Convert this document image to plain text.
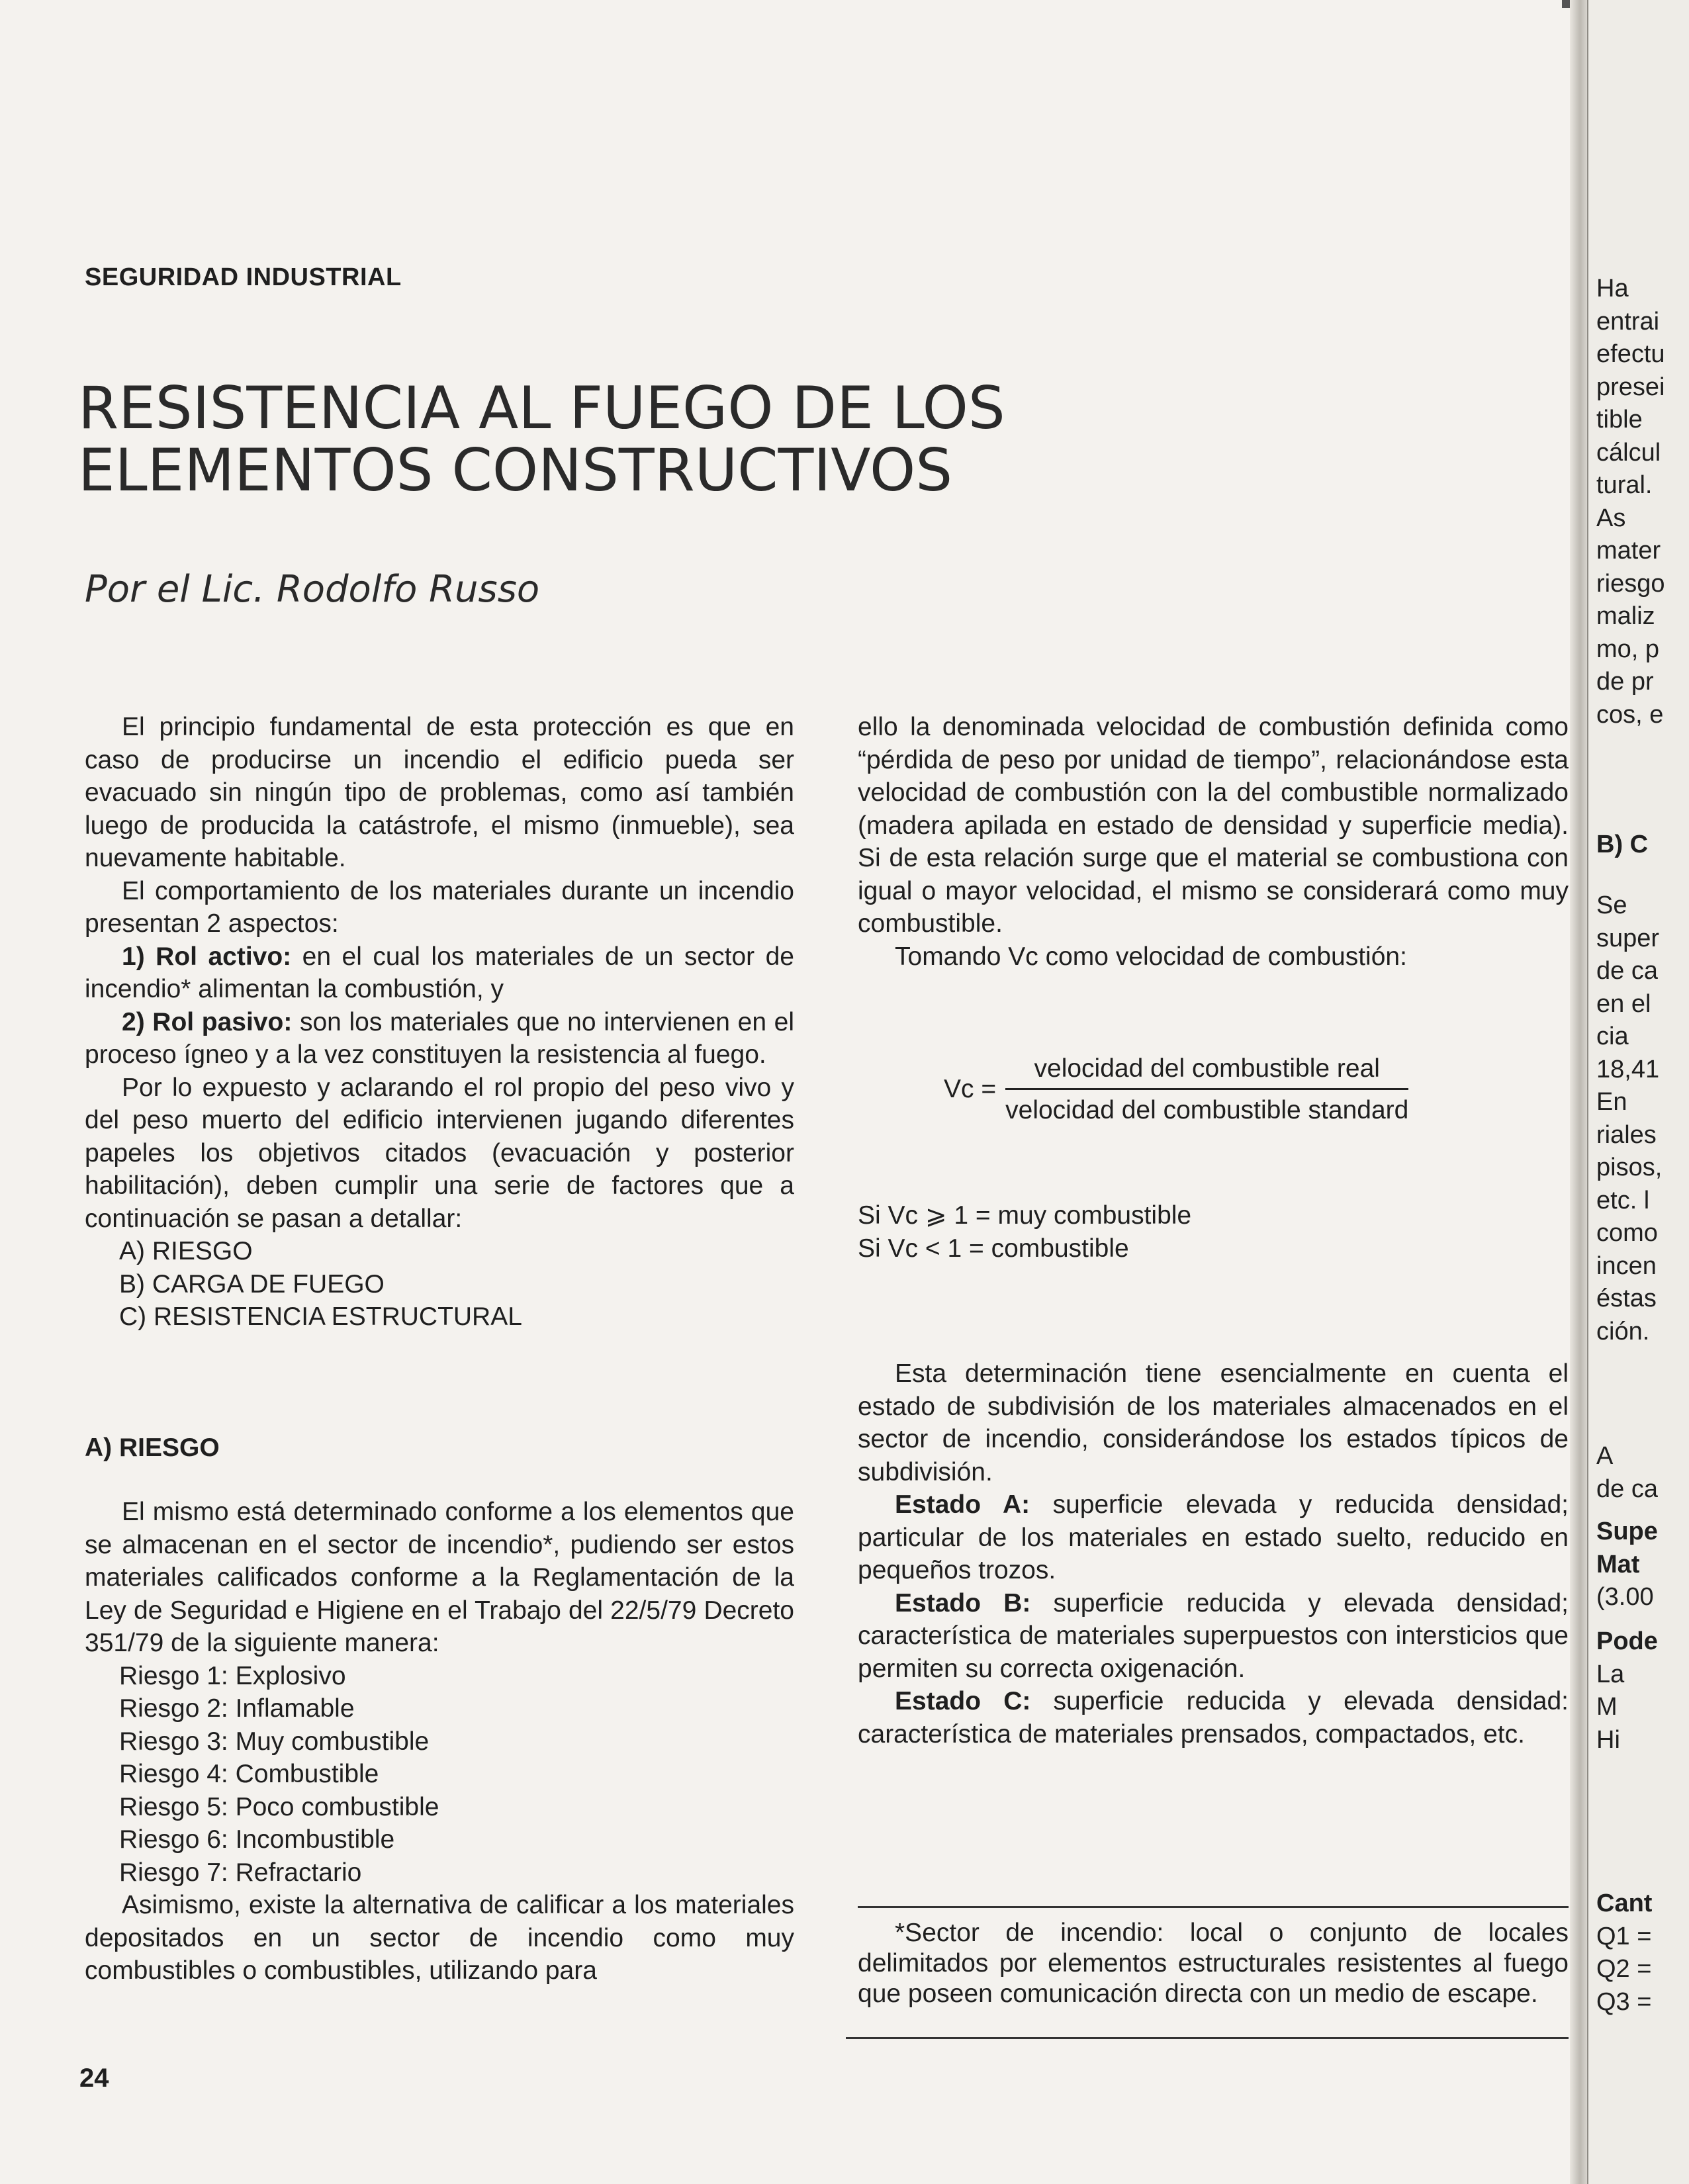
SEGURIDAD INDUSTRIAL
RESISTENCIA AL FUEGO DE LOS
ELEMENTOS CONSTRUCTIVOS
Por el Lic. Rodolfo Russo

El principio fundamental de esta protección es que en caso de producirse un incendio el edificio pueda ser evacuado sin ningún tipo de problemas, como así también luego de producida la catástrofe, el mismo (inmueble), sea nuevamente habitable.

El comportamiento de los materiales durante un incendio presentan 2 aspectos:

1) Rol activo: en el cual los materiales de un sector de incendio* alimentan la combustión, y

2) Rol pasivo: son los materiales que no intervienen en el proceso ígneo y a la vez constituyen la resistencia al fuego.

Por lo expuesto y aclarando el rol propio del peso vivo y del peso muerto del edificio intervienen jugando diferentes papeles los objetivos citados (evacuación y posterior habilitación), deben cumplir una serie de factores que a continuación se pasan a detallar:

A) RIESGO
B) CARGA DE FUEGO
C) RESISTENCIA ESTRUCTURAL
A) RIESGO

El mismo está determinado conforme a los elementos que se almacenan en el sector de incendio*, pudiendo ser estos materiales calificados conforme a la Reglamentación de la Ley de Seguridad e Higiene en el Trabajo del 22/5/79 Decreto 351/79 de la siguiente manera:

Riesgo 1: Explosivo
Riesgo 2: Inflamable
Riesgo 3: Muy combustible
Riesgo 4: Combustible
Riesgo 5: Poco combustible
Riesgo 6: Incombustible
Riesgo 7: Refractario

Asimismo, existe la alternativa de calificar a los materiales depositados en un sector de incendio como muy combustibles o combustibles, utilizando para

ello la denominada velocidad de combustión definida como “pérdida de peso por unidad de tiempo”, relacionándose esta velocidad de combustión con la del combustible normalizado (madera apilada en estado de densidad y superficie media). Si de esta relación surge que el material se combustiona con igual o mayor velocidad, el mismo se considerará como muy combustible.

Tomando Vc como velocidad de combustión:

$Vc = \frac{\text{velocidad del combustible real}}{\text{velocidad del combustible standard}}$
Si Vc ⩾ 1 = muy combustible
Si Vc < 1 = combustible

Esta determinación tiene esencialmente en cuenta el estado de subdivisión de los materiales almacenados en el sector de incendio, considerándose los estados típicos de subdivisión.

Estado A: superficie elevada y reducida densidad; particular de los materiales en estado suelto, reducido en pequeños trozos.

Estado B: superficie reducida y elevada densidad; característica de materiales superpuestos con intersticios que permiten su correcta oxigenación.

Estado C: superficie reducida y elevada densidad: característica de materiales prensados, compactados, etc.

*Sector de incendio: local o conjunto de locales delimitados por elementos estructurales resistentes al fuego que poseen comunicación directa con un medio de escape.
24
Ha
entrai
efectu
presei
tible
cálcul
tural.
As
mater
riesgo
maliz
mo, p
de pr
cos, e
B) C
Se
super
de ca
en el
cia
18,41
En
riales
pisos,
etc. l
como
incen
éstas
ción.
A
de ca
Supe
Mat
(3.00
Pode
La
M
Hi
Cant
Q1 =
Q2 =
Q3 =
